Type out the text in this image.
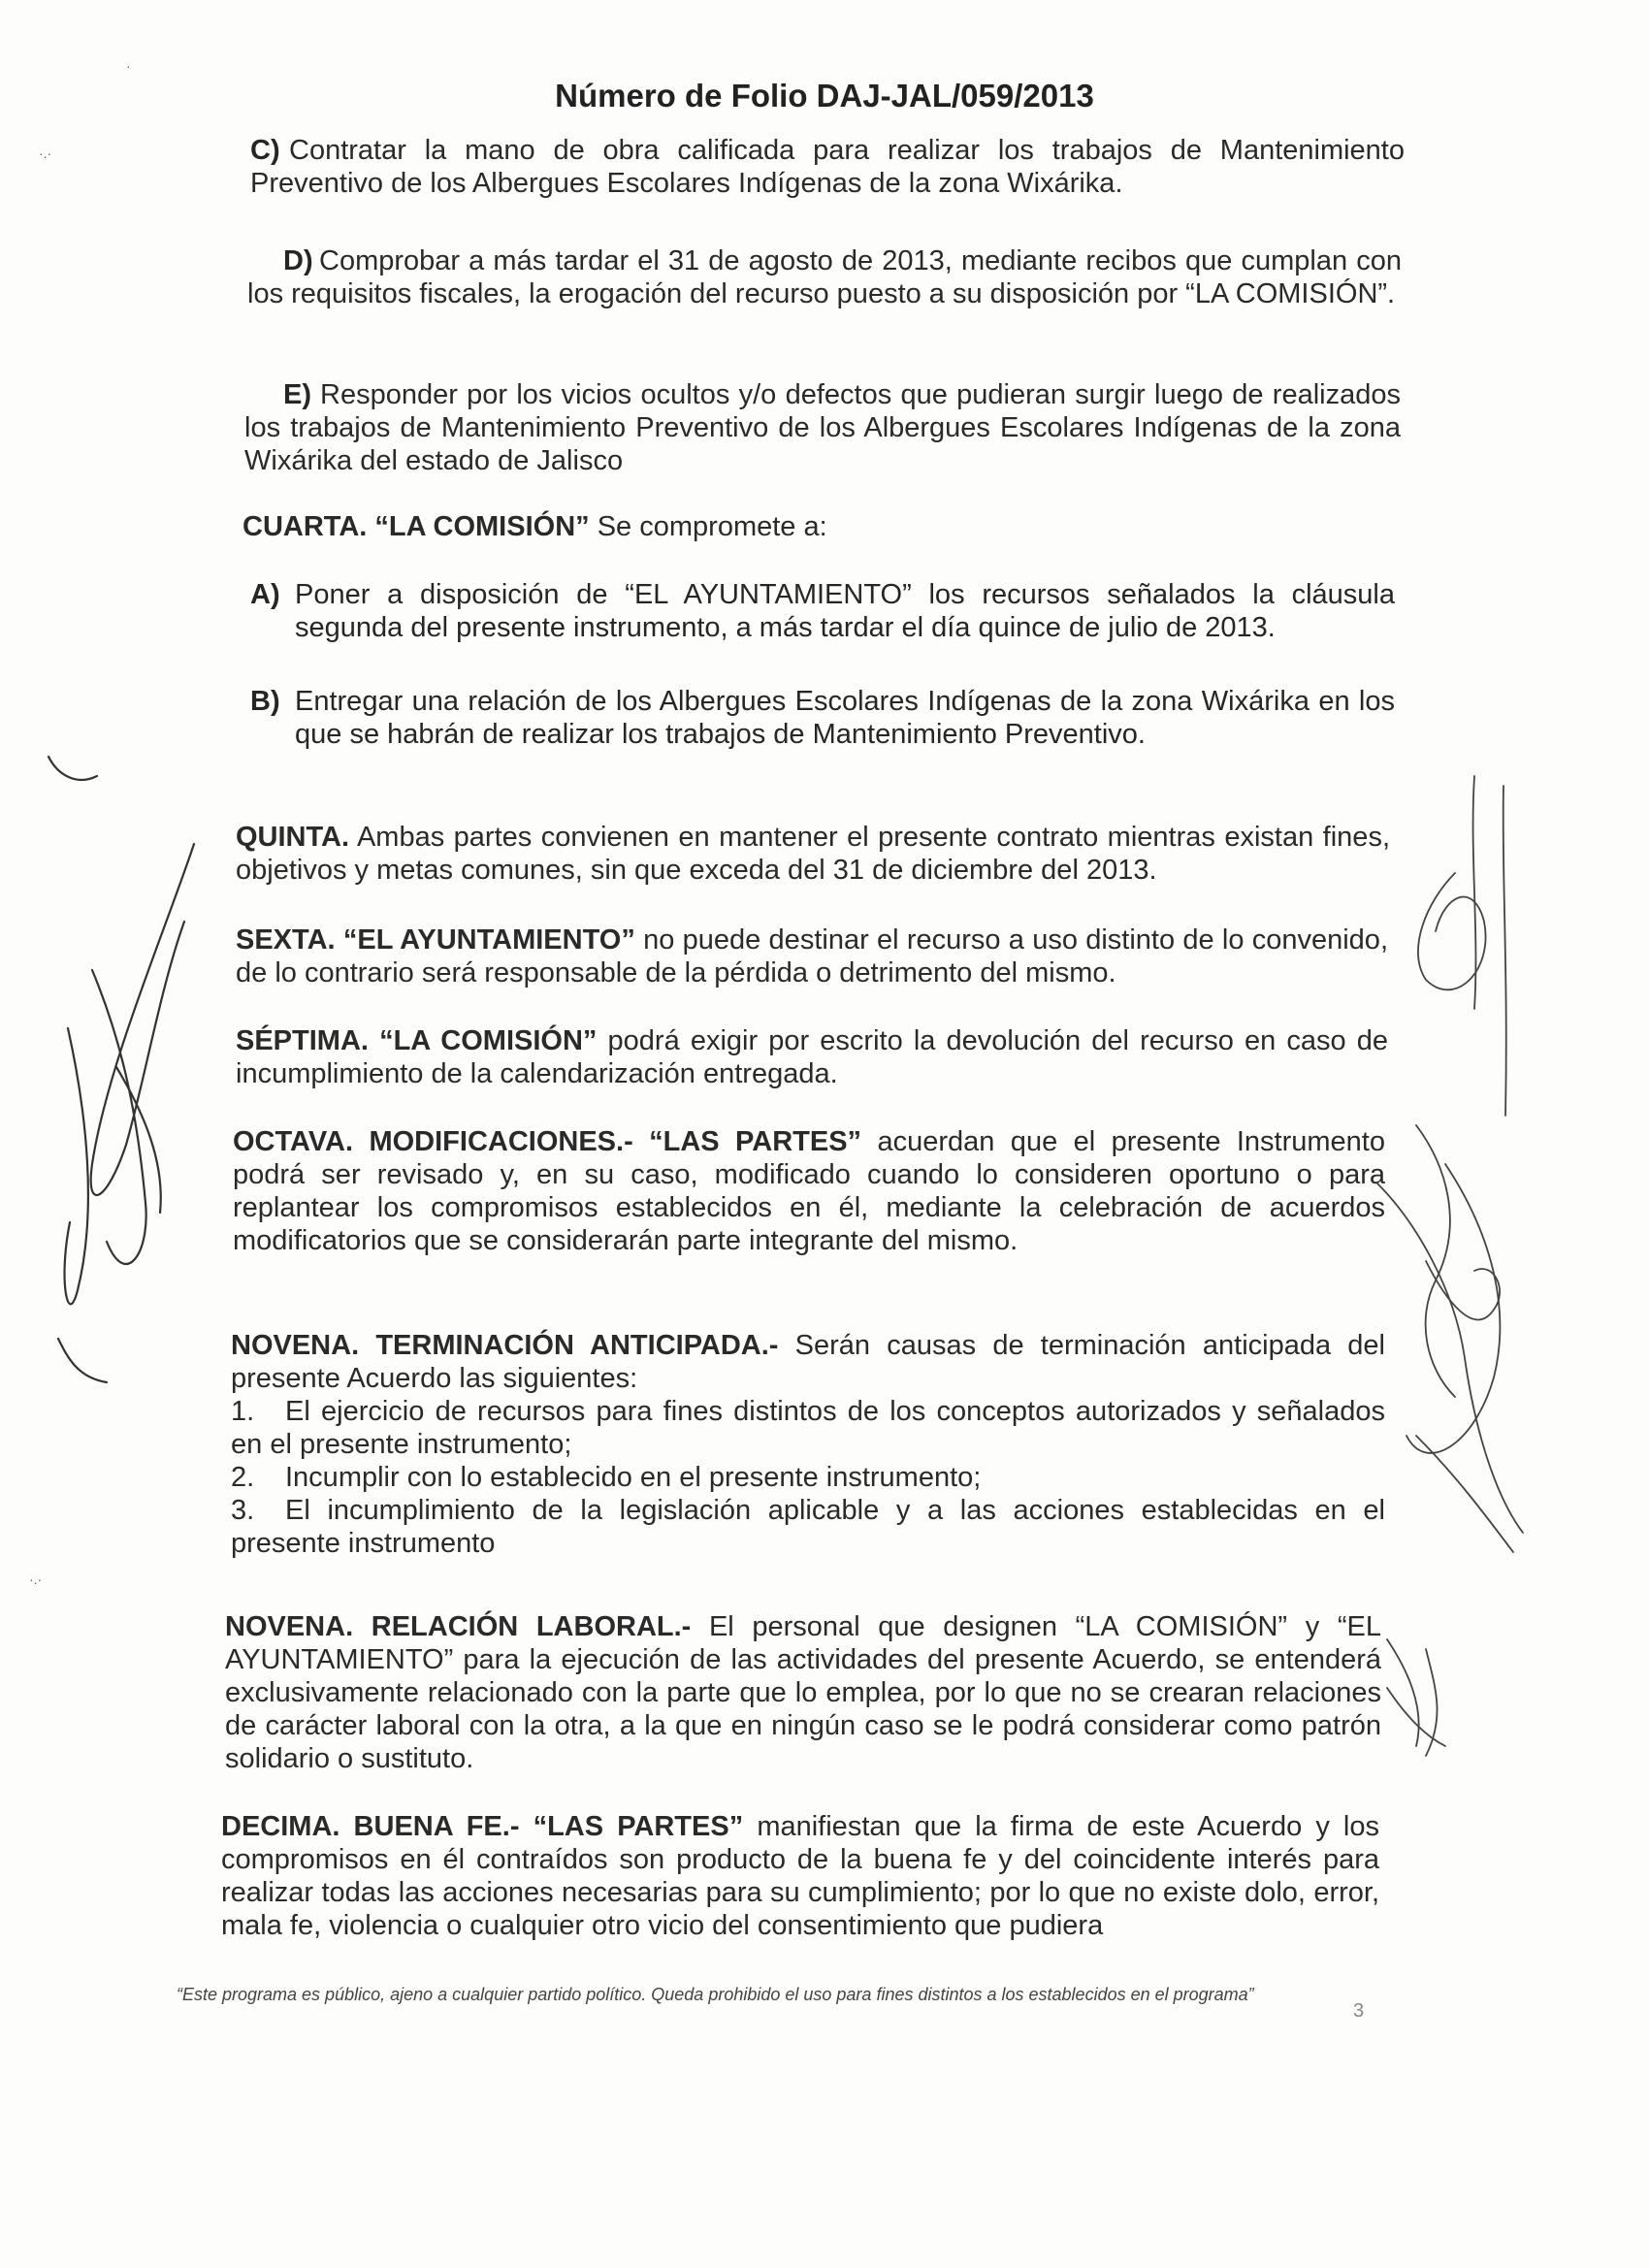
Número de Folio DAJ-JAL/059/2013
C) Contratar la mano de obra calificada para realizar los trabajos de Mantenimiento Preventivo de los Albergues Escolares Indígenas de la zona Wixárika.
D) Comprobar a más tardar el 31 de agosto de 2013, mediante recibos que cumplan con los requisitos fiscales, la erogación del recurso puesto a su disposición por “LA COMISIÓN”.
E) Responder por los vicios ocultos y/o defectos que pudieran surgir luego de realizados los trabajos de Mantenimiento Preventivo de los Albergues Escolares Indígenas de la zona Wixárika del estado de Jalisco
CUARTA. “LA COMISIÓN” Se compromete a:
A) Poner a disposición de “EL AYUNTAMIENTO” los recursos señalados la cláusula segunda del presente instrumento, a más tardar el día quince de julio de 2013.
B) Entregar una relación de los Albergues Escolares Indígenas de la zona Wixárika en los que se habrán de realizar los trabajos de Mantenimiento Preventivo.
QUINTA. Ambas partes convienen en mantener el presente contrato mientras existan fines, objetivos y metas comunes, sin que exceda del 31 de diciembre del 2013.
SEXTA. “EL AYUNTAMIENTO” no puede destinar el recurso a uso distinto de lo convenido, de lo contrario será responsable de la pérdida o detrimento del mismo.
SÉPTIMA. “LA COMISIÓN” podrá exigir por escrito la devolución del recurso en caso de incumplimiento de la calendarización entregada.
OCTAVA. MODIFICACIONES.- “LAS PARTES” acuerdan que el presente Instrumento podrá ser revisado y, en su caso, modificado cuando lo consideren oportuno o para replantear los compromisos establecidos en él, mediante la celebración de acuerdos modificatorios que se considerarán parte integrante del mismo.
NOVENA. TERMINACIÓN ANTICIPADA.- Serán causas de terminación anticipada del presente Acuerdo las siguientes:
1. El ejercicio de recursos para fines distintos de los conceptos autorizados y señalados en el presente instrumento;
2. Incumplir con lo establecido en el presente instrumento;
3. El incumplimiento de la legislación aplicable y a las acciones establecidas en el presente instrumento
NOVENA. RELACIÓN LABORAL.- El personal que designen “LA COMISIÓN” y “EL AYUNTAMIENTO” para la ejecución de las actividades del presente Acuerdo, se entenderá exclusivamente relacionado con la parte que lo emplea, por lo que no se crearan relaciones de carácter laboral con la otra, a la que en ningún caso se le podrá considerar como patrón solidario o sustituto.
DECIMA. BUENA FE.- “LAS PARTES” manifiestan que la firma de este Acuerdo y los compromisos en él contraídos son producto de la buena fe y del coincidente interés para realizar todas las acciones necesarias para su cumplimiento; por lo que no existe dolo, error, mala fe, violencia o cualquier otro vicio del consentimiento que pudiera
“Este programa es público, ajeno a cualquier partido político. Queda prohibido el uso para fines distintos a los establecidos en el programa”
3
·.·
·.·
·
